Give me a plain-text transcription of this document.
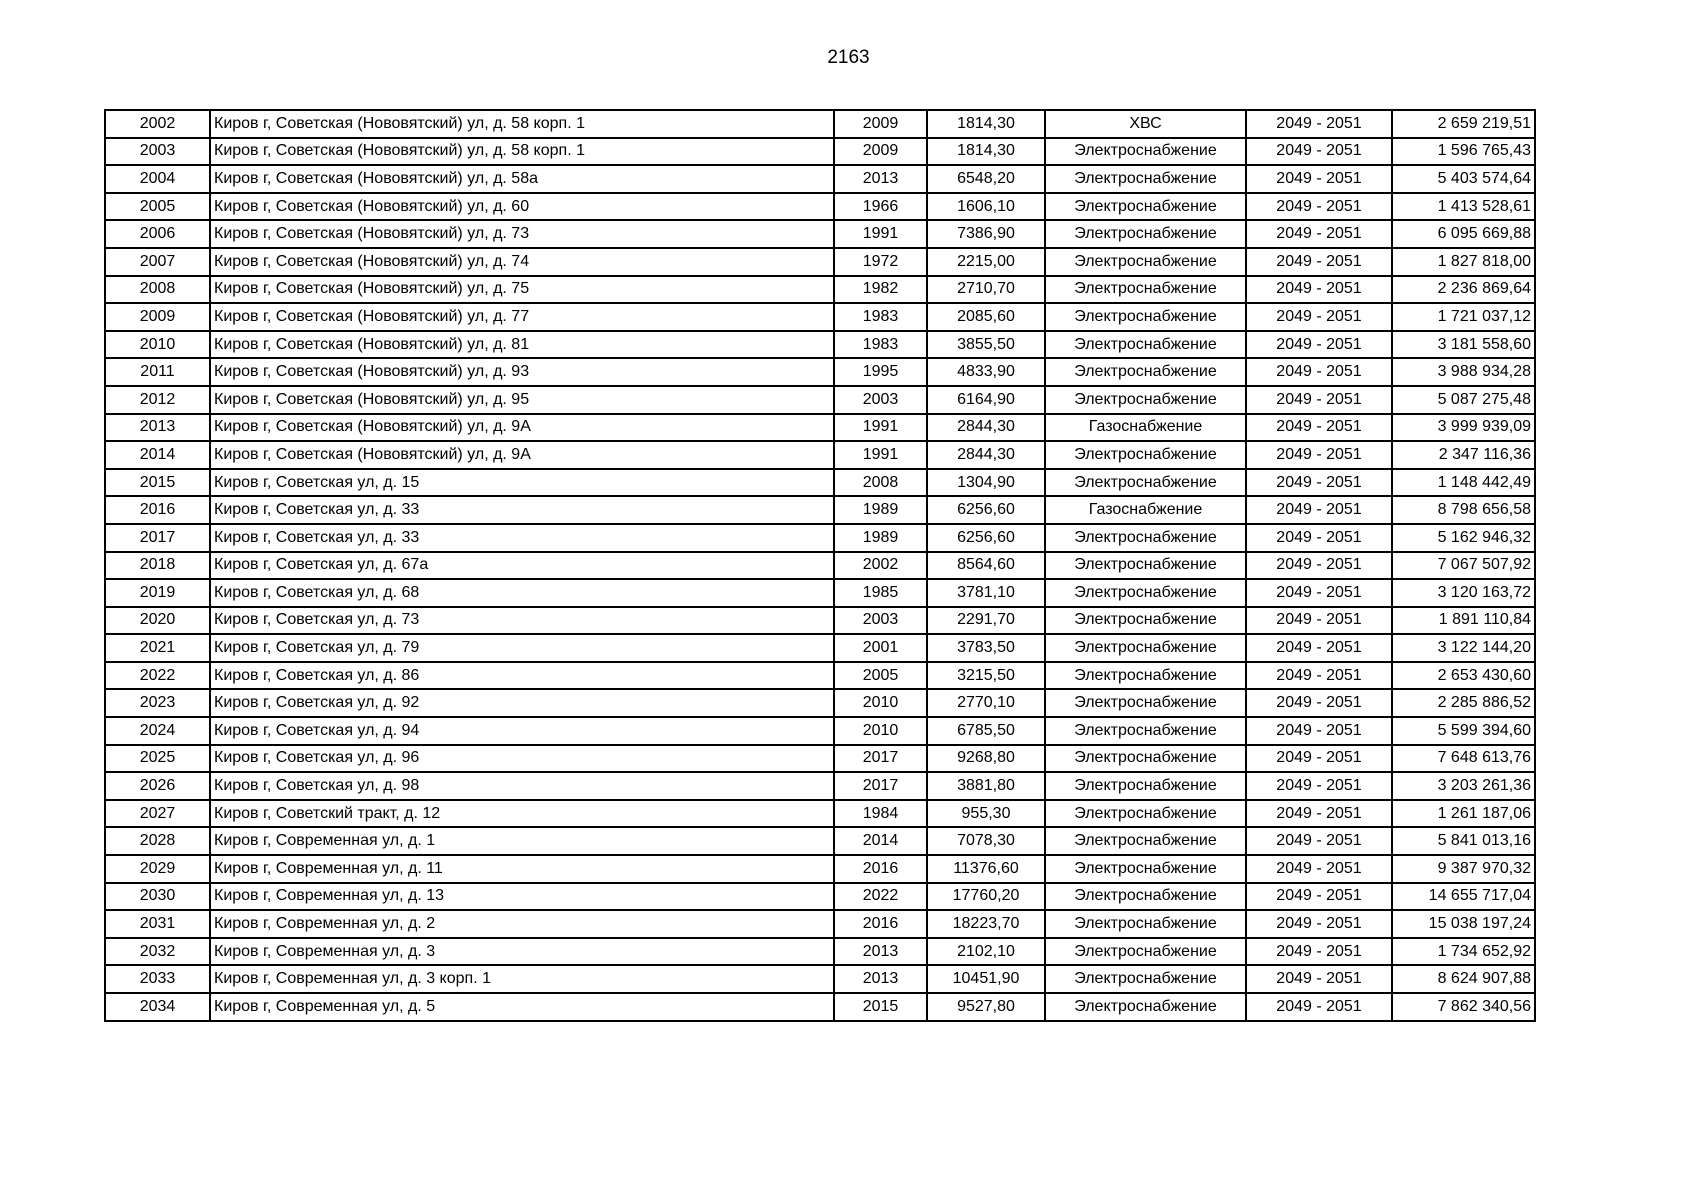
2163
2002	Киров г, Советская (Нововятский) ул, д. 58 корп. 1	2009	1814,30	ХВС	2049 - 2051	2 659 219,51
2003	Киров г, Советская (Нововятский) ул, д. 58 корп. 1	2009	1814,30	Электроснабжение	2049 - 2051	1 596 765,43
2004	Киров г, Советская (Нововятский) ул, д. 58а	2013	6548,20	Электроснабжение	2049 - 2051	5 403 574,64
2005	Киров г, Советская (Нововятский) ул, д. 60	1966	1606,10	Электроснабжение	2049 - 2051	1 413 528,61
2006	Киров г, Советская (Нововятский) ул, д. 73	1991	7386,90	Электроснабжение	2049 - 2051	6 095 669,88
2007	Киров г, Советская (Нововятский) ул, д. 74	1972	2215,00	Электроснабжение	2049 - 2051	1 827 818,00
2008	Киров г, Советская (Нововятский) ул, д. 75	1982	2710,70	Электроснабжение	2049 - 2051	2 236 869,64
2009	Киров г, Советская (Нововятский) ул, д. 77	1983	2085,60	Электроснабжение	2049 - 2051	1 721 037,12
2010	Киров г, Советская (Нововятский) ул, д. 81	1983	3855,50	Электроснабжение	2049 - 2051	3 181 558,60
2011	Киров г, Советская (Нововятский) ул, д. 93	1995	4833,90	Электроснабжение	2049 - 2051	3 988 934,28
2012	Киров г, Советская (Нововятский) ул, д. 95	2003	6164,90	Электроснабжение	2049 - 2051	5 087 275,48
2013	Киров г, Советская (Нововятский) ул, д. 9А	1991	2844,30	Газоснабжение	2049 - 2051	3 999 939,09
2014	Киров г, Советская (Нововятский) ул, д. 9А	1991	2844,30	Электроснабжение	2049 - 2051	2 347 116,36
2015	Киров г, Советская ул, д. 15	2008	1304,90	Электроснабжение	2049 - 2051	1 148 442,49
2016	Киров г, Советская ул, д. 33	1989	6256,60	Газоснабжение	2049 - 2051	8 798 656,58
2017	Киров г, Советская ул, д. 33	1989	6256,60	Электроснабжение	2049 - 2051	5 162 946,32
2018	Киров г, Советская ул, д. 67а	2002	8564,60	Электроснабжение	2049 - 2051	7 067 507,92
2019	Киров г, Советская ул, д. 68	1985	3781,10	Электроснабжение	2049 - 2051	3 120 163,72
2020	Киров г, Советская ул, д. 73	2003	2291,70	Электроснабжение	2049 - 2051	1 891 110,84
2021	Киров г, Советская ул, д. 79	2001	3783,50	Электроснабжение	2049 - 2051	3 122 144,20
2022	Киров г, Советская ул, д. 86	2005	3215,50	Электроснабжение	2049 - 2051	2 653 430,60
2023	Киров г, Советская ул, д. 92	2010	2770,10	Электроснабжение	2049 - 2051	2 285 886,52
2024	Киров г, Советская ул, д. 94	2010	6785,50	Электроснабжение	2049 - 2051	5 599 394,60
2025	Киров г, Советская ул, д. 96	2017	9268,80	Электроснабжение	2049 - 2051	7 648 613,76
2026	Киров г, Советская ул, д. 98	2017	3881,80	Электроснабжение	2049 - 2051	3 203 261,36
2027	Киров г, Советский тракт, д. 12	1984	955,30	Электроснабжение	2049 - 2051	1 261 187,06
2028	Киров г, Современная ул, д. 1	2014	7078,30	Электроснабжение	2049 - 2051	5 841 013,16
2029	Киров г, Современная ул, д. 11	2016	11376,60	Электроснабжение	2049 - 2051	9 387 970,32
2030	Киров г, Современная ул, д. 13	2022	17760,20	Электроснабжение	2049 - 2051	14 655 717,04
2031	Киров г, Современная ул, д. 2	2016	18223,70	Электроснабжение	2049 - 2051	15 038 197,24
2032	Киров г, Современная ул, д. 3	2013	2102,10	Электроснабжение	2049 - 2051	1 734 652,92
2033	Киров г, Современная ул, д. 3 корп. 1	2013	10451,90	Электроснабжение	2049 - 2051	8 624 907,88
2034	Киров г, Современная ул, д. 5	2015	9527,80	Электроснабжение	2049 - 2051	7 862 340,56
